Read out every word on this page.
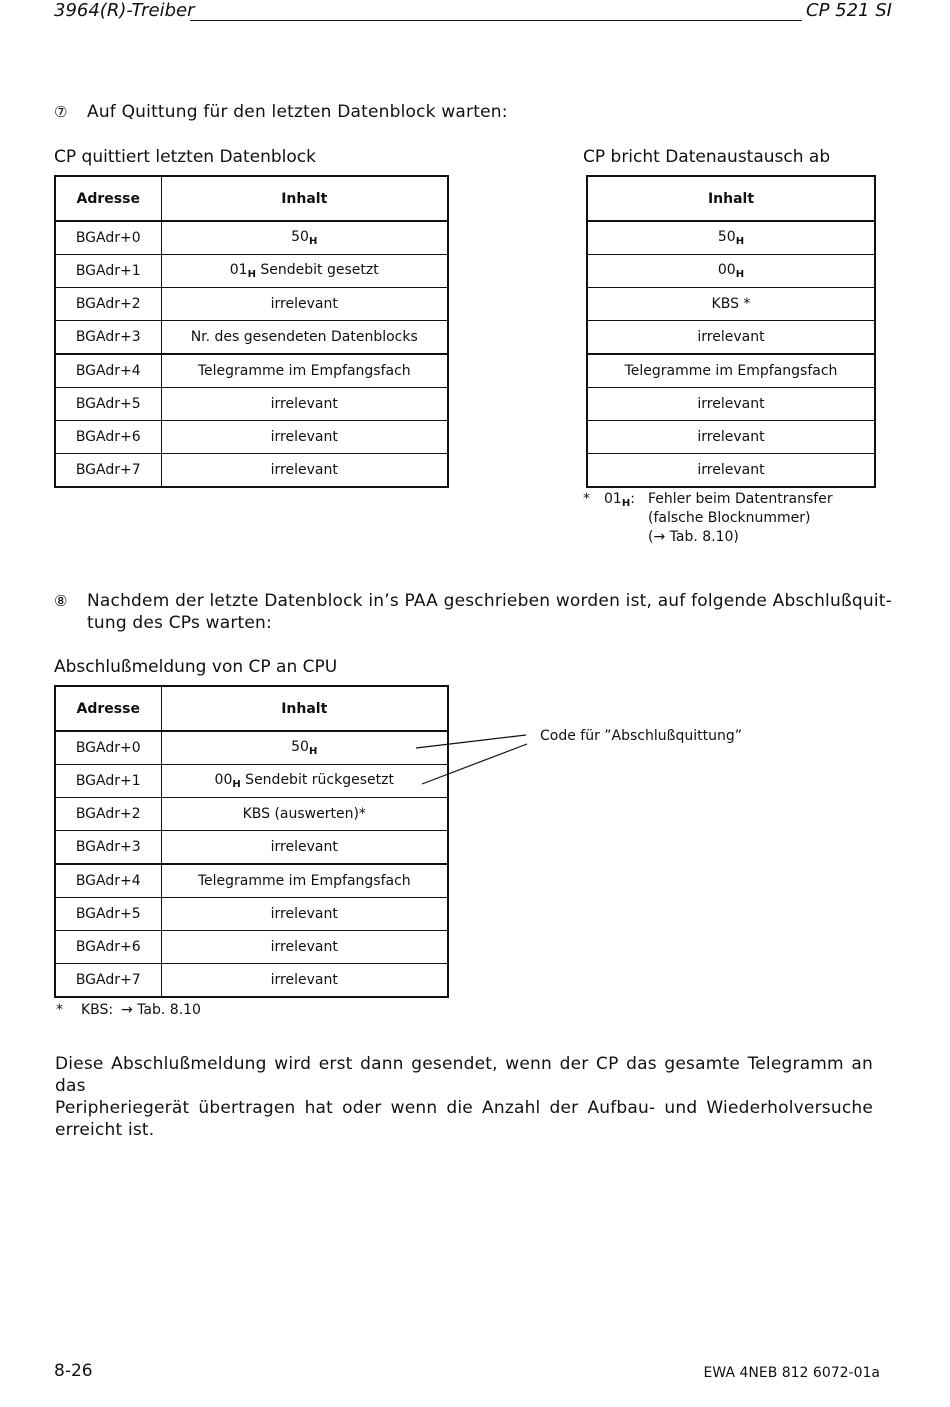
3964(R)-Treiber	CP 521 SI
⑦ Auf Quittung für den letzten Datenblock warten:
CP quittiert letzten Datenblock	CP bricht Datenaustausch ab
Adresse	Inhalt
BGAdr+0	$50_H$
BGAdr+1	$01_H$ Sendebit gesetzt
BGAdr+2	irrelevant
BGAdr+3	Nr. des gesendeten Datenblocks
BGAdr+4	Telegramme im Empfangsfach
BGAdr+5	irrelevant
BGAdr+6	irrelevant
BGAdr+7	irrelevant
Inhalt
$50_H$
$00_H$
KBS *
irrelevant
Telegramme im Empfangsfach
irrelevant
irrelevant
irrelevant
* $01_H$: Fehler beim Datentransfer
(falsche Blocknummer)
(→ Tab. 8.10)
⑧ Nachdem der letzte Datenblock in’s PAA geschrieben worden ist, auf folgende Abschlußquit-
tung des CPs warten:
Abschlußmeldung von CP an CPU
Adresse	Inhalt
BGAdr+0	$50_H$
BGAdr+1	$00_H$ Sendebit rückgesetzt
BGAdr+2	KBS (auswerten)*
BGAdr+3	irrelevant
BGAdr+4	Telegramme im Empfangsfach
BGAdr+5	irrelevant
BGAdr+6	irrelevant
BGAdr+7	irrelevant
Code für ”Abschlußquittung”
* KBS: → Tab. 8.10
Diese Abschlußmeldung wird erst dann gesendet, wenn der CP das gesamte Telegramm an das
Peripheriegerät übertragen hat oder wenn die Anzahl der Aufbau- und Wiederholversuche
erreicht ist.
8-26	EWA 4NEB 812 6072-01a
